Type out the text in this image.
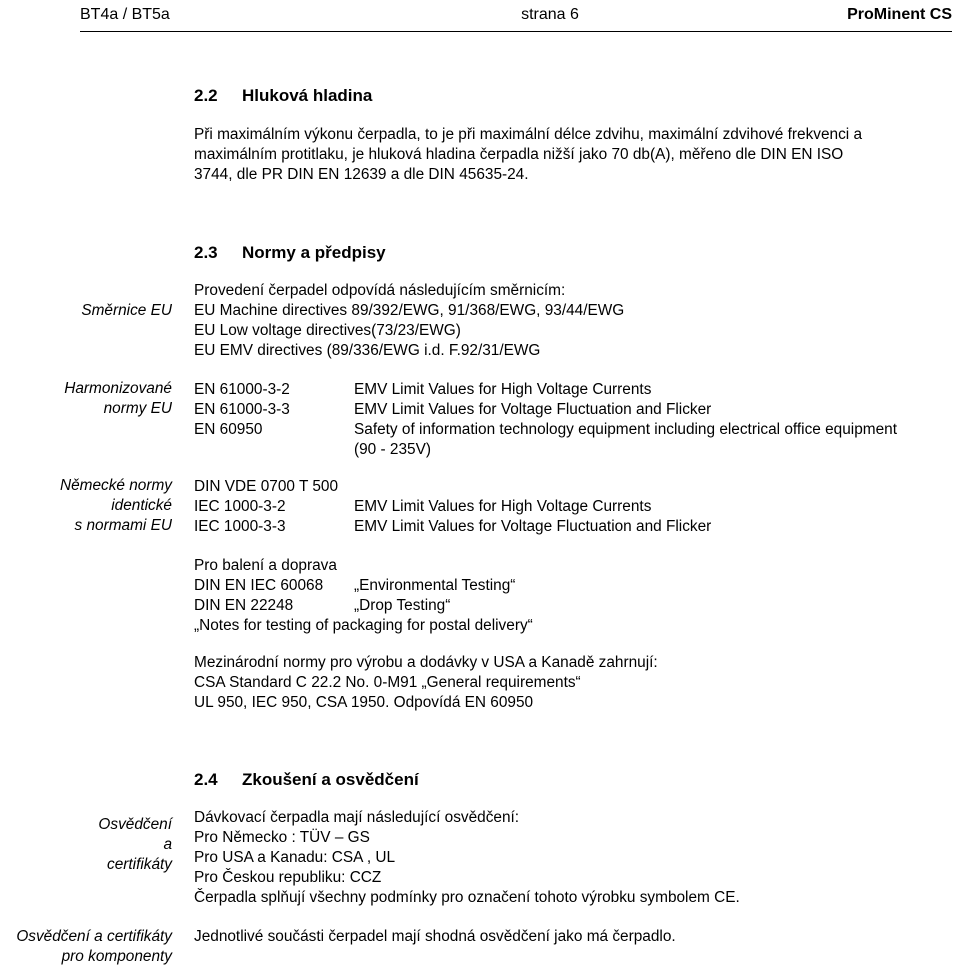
BT4a / BT5a	strana 6	ProMinent CS
2.2 Hluková hladina
Při maximálním výkonu čerpadla, to je při maximální délce zdvihu, maximální zdvihové frekvenci a
maximálním protitlaku, je hluková hladina čerpadla nižší jako 70 db(A), měřeno dle DIN EN ISO
3744, dle PR DIN EN 12639 a dle DIN 45635-24.
2.3 Normy a předpisy
Směrnice EU
Provedení čerpadel odpovídá následujícím směrnicím:
EU Machine directives 89/392/EWG, 91/368/EWG, 93/44/EWG
EU Low voltage directives(73/23/EWG)
EU EMV directives (89/336/EWG i.d. F.92/31/EWG
Harmonizované
normy EU
EN 61000-3-2	EMV Limit Values for High Voltage Currents
EN 61000-3-3	EMV Limit Values for Voltage Fluctuation and Flicker
EN 60950	Safety of information technology equipment including electrical office equipment
(90 - 235V)
Německé normy
identické
s normami EU
DIN VDE 0700 T 500
IEC 1000-3-2	EMV Limit Values for High Voltage Currents
IEC 1000-3-3	EMV Limit Values for Voltage Fluctuation and Flicker
Pro balení a doprava
DIN EN IEC 60068 „Environmental Testing“
DIN EN 22248	„Drop Testing“
„Notes for testing of packaging for postal delivery“
Mezinárodní normy pro výrobu a dodávky v USA a Kanadě zahrnují:
CSA Standard C 22.2 No. 0-M91 „General requirements“
UL 950, IEC 950, CSA 1950. Odpovídá EN 60950
2.4 Zkoušení a osvědčení
Osvědčení
a
certifikáty
Dávkovací čerpadla mají následující osvědčení:
Pro Německo : TÜV – GS
Pro USA a Kanadu: CSA , UL
Pro Českou republiku: CCZ
Čerpadla splňují všechny podmínky pro označení tohoto výrobku symbolem CE.
Osvědčení a certifikáty
pro komponenty
Jednotlivé součásti čerpadel mají shodná osvědčení jako má čerpadlo.
